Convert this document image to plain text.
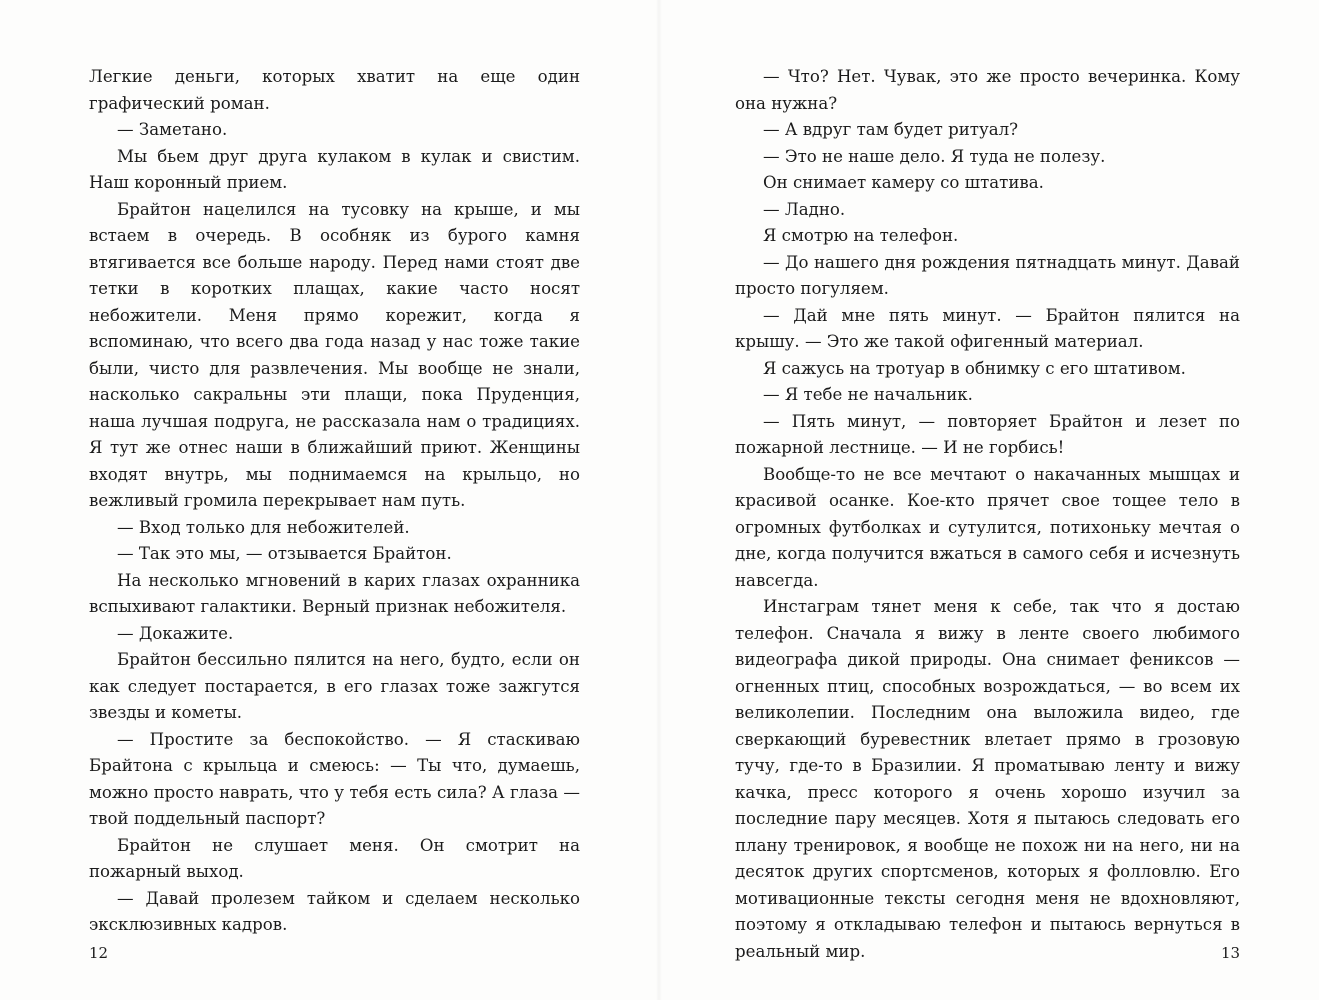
Легкие деньги, которых хватит на еще один графический роман.

— Заметано.

Мы бьем друг друга кулаком в кулак и свистим. Наш коронный прием.

Брайтон нацелился на тусовку на крыше, и мы встаем в очередь. В особняк из бурого камня втягивается все больше народу. Перед нами стоят две тетки в коротких плащах, какие часто носят небожители. Меня прямо корежит, когда я вспоминаю, что всего два года назад у нас тоже такие были, чисто для развлечения. Мы вообще не знали, насколько сакральны эти плащи, пока Пруденция, наша лучшая подруга, не рассказала нам о традициях. Я тут же отнес наши в ближайший приют. Женщины входят внутрь, мы поднимаемся на крыльцо, но вежливый громила перекрывает нам путь.

— Вход только для небожителей.

— Так это мы, — отзывается Брайтон.

На несколько мгновений в карих глазах охранника вспыхивают галактики. Верный признак небожителя.

— Докажите.

Брайтон бессильно пялится на него, будто, если он как следует постарается, в его глазах тоже зажгутся звезды и кометы.

— Простите за беспокойство. — Я стаскиваю Брайтона с крыльца и смеюсь: — Ты что, думаешь, можно просто наврать, что у тебя есть сила? А глаза — твой поддельный паспорт?

Брайтон не слушает меня. Он смотрит на пожарный выход.

— Давай пролезем тайком и сделаем несколько эксклюзивных кадров.

— Что? Нет. Чувак, это же просто вечеринка. Кому она нужна?

— А вдруг там будет ритуал?

— Это не наше дело. Я туда не полезу.

Он снимает камеру со штатива.

— Ладно.

Я смотрю на телефон.

— До нашего дня рождения пятнадцать минут. Давай просто погуляем.

— Дай мне пять минут. — Брайтон пялится на крышу. — Это же такой офигенный материал.

Я сажусь на тротуар в обнимку с его штативом.

— Я тебе не начальник.

— Пять минут, — повторяет Брайтон и лезет по пожарной лестнице. — И не горбись!

Вообще-то не все мечтают о накачанных мышцах и красивой осанке. Кое-кто прячет свое тощее тело в огромных футболках и сутулится, потихоньку мечтая о дне, когда получится вжаться в самого себя и исчезнуть навсегда.

Инстаграм тянет меня к себе, так что я достаю телефон. Сначала я вижу в ленте своего любимого видеографа дикой природы. Она снимает фениксов — огненных птиц, способных возрождаться, — во всем их великолепии. Последним она выложила видео, где сверкающий буревестник влетает прямо в грозовую тучу, где-то в Бразилии. Я проматываю ленту и вижу качка, пресс которого я очень хорошо изучил за последние пару месяцев. Хотя я пытаюсь следовать его плану тренировок, я вообще не похож ни на него, ни на десяток других спортсменов, которых я фолловлю. Его мотивационные тексты сегодня меня не вдохновляют, поэтому я откладываю телефон и пытаюсь вернуться в реальный мир.

12	13
